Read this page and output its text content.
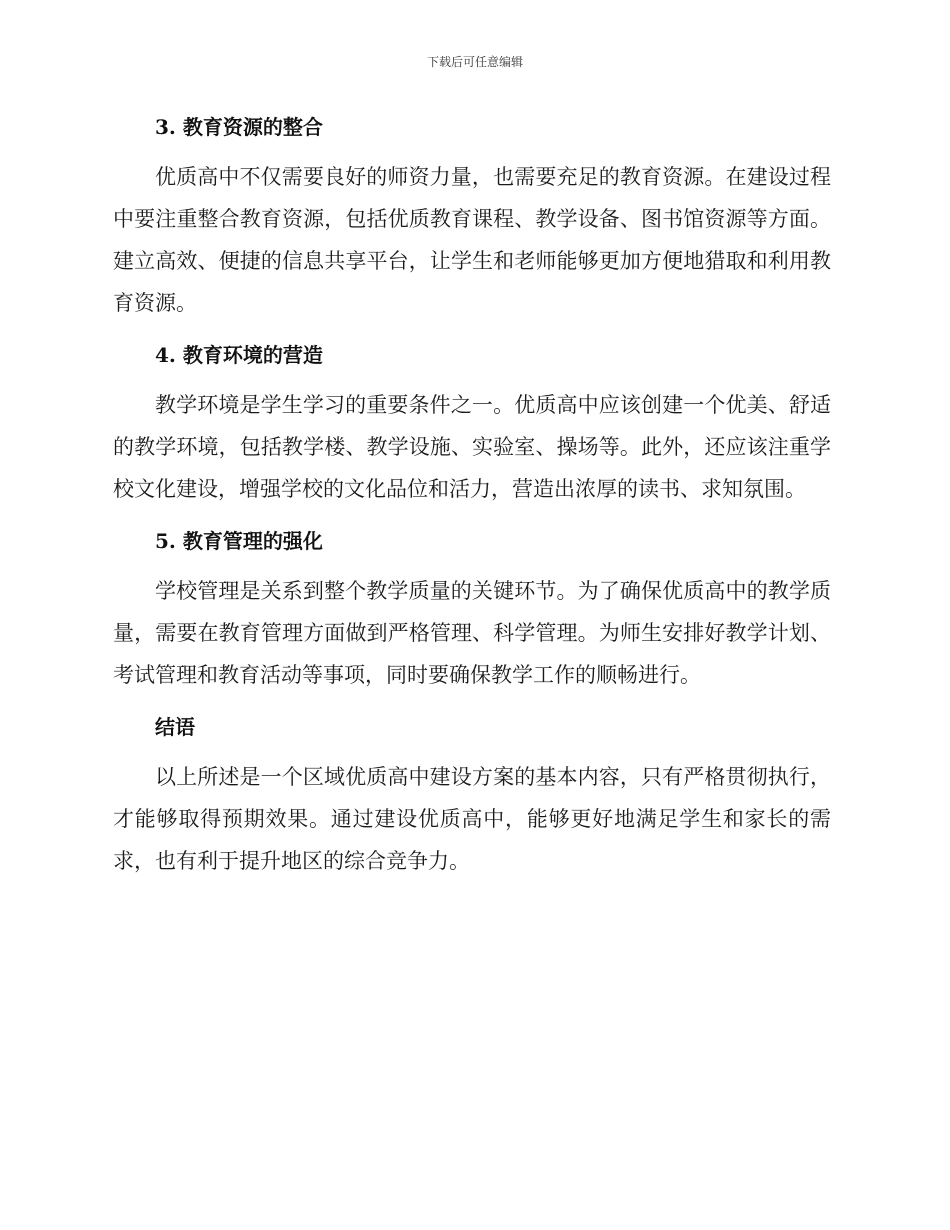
下载后可任意编辑
3. 教育资源的整合

优质高中不仅需要良好的师资力量，也需要充足的教育资源。在建设过程中要注重整合教育资源，包括优质教育课程、教学设备、图书馆资源等方面。建立高效、便捷的信息共享平台，让学生和老师能够更加方便地猎取和利用教育资源。

4. 教育环境的营造

教学环境是学生学习的重要条件之一。优质高中应该创建一个优美、舒适的教学环境，包括教学楼、教学设施、实验室、操场等。此外，还应该注重学校文化建设，增强学校的文化品位和活力，营造出浓厚的读书、求知氛围。

5. 教育管理的强化

学校管理是关系到整个教学质量的关键环节。为了确保优质高中的教学质量，需要在教育管理方面做到严格管理、科学管理。为师生安排好教学计划、考试管理和教育活动等事项，同时要确保教学工作的顺畅进行。

结语

以上所述是一个区域优质高中建设方案的基本内容，只有严格贯彻执行，才能够取得预期效果。通过建设优质高中，能够更好地满足学生和家长的需求，也有利于提升地区的综合竞争力。
